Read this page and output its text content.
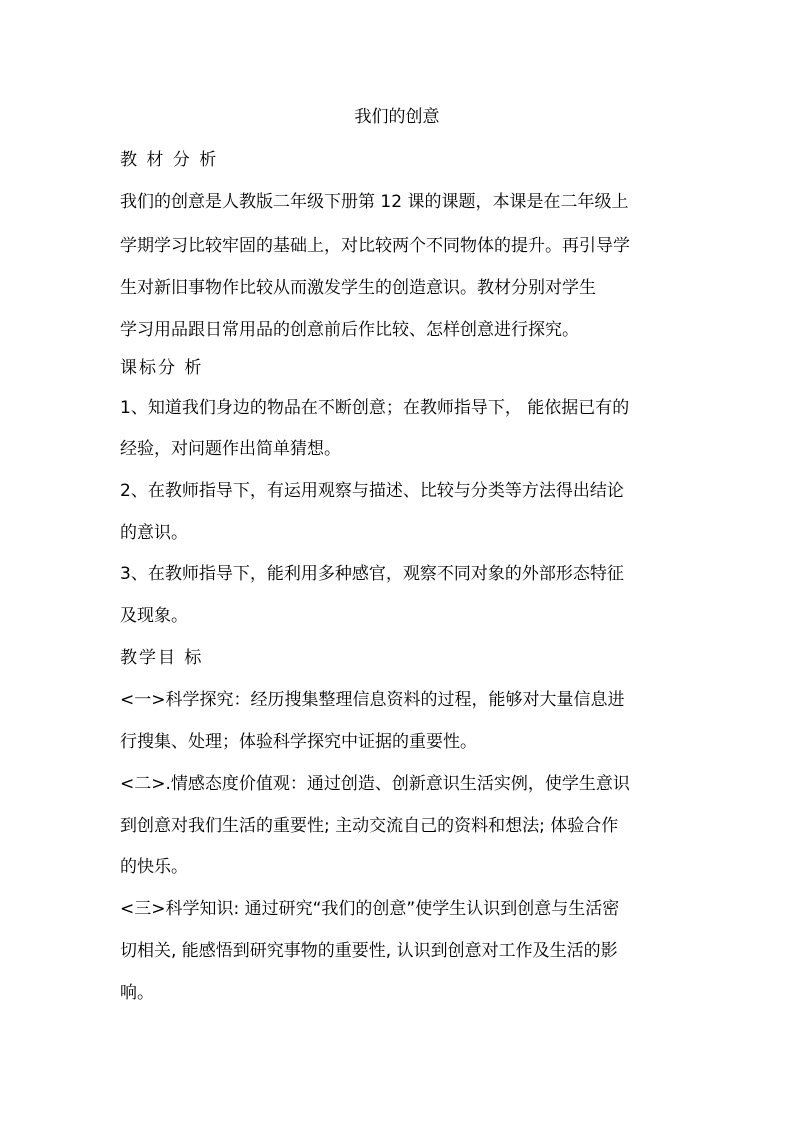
我们的创意
教 材 分 析
我们的创意是人教版二年级下册第 12 课的课题，本课是在二年级上
学期学习比较牢固的基础上，对比较两个不同物体的提升。再引导学
生对新旧事物作比较从而激发学生的创造意识。教材分别对学生
学习用品跟日常用品的创意前后作比较、怎样创意进行探究。
课标分 析
1、知道我们身边的物品在不断创意；在教师指导下， 能依据已有的
经验，对问题作出简单猜想。
2、在教师指导下，有运用观察与描述、比较与分类等方法得出结论
的意识。
3、在教师指导下，能利用多种感官，观察不同对象的外部形态特征
及现象。
教学目 标
<一>科学探究：经历搜集整理信息资料的过程，能够对大量信息进
行搜集、处理；体验科学探究中证据的重要性。
<二>.情感态度价值观：通过创造、创新意识生活实例，使学生意识
到创意对我们生活的重要性; 主动交流自己的资料和想法; 体验合作
的快乐。
<三>科学知识: 通过研究“我们的创意”使学生认识到创意与生活密
切相关, 能感悟到研究事物的重要性, 认识到创意对工作及生活的影
响。
